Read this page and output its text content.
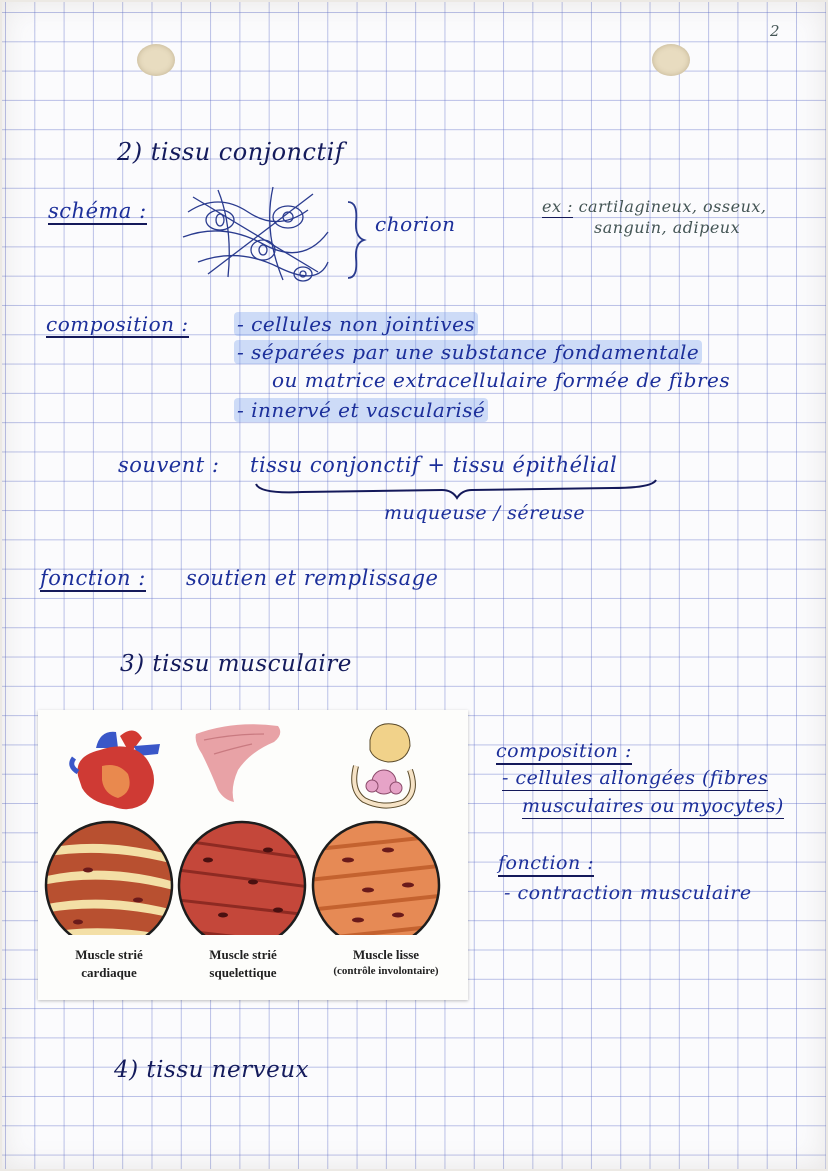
2

2) tissu conjonctif

schéma :

chorion

ex : cartilagineux, osseux,

sanguin, adipeux

composition : - cellules non jointives

- séparées par une substance fondamentale

ou matrice extracellulaire formée de fibres

- innervé et vascularisé

souvent : tissu conjonctif + tissu épithélial

muqueuse / séreuse

fonction : soutien et remplissage

3) tissu musculaire

Muscle strié
cardiaque

Muscle strié
squelettique

Muscle lisse
(contrôle involontaire)

composition :

- cellules allongées (fibres

musculaires ou myocytes)

fonction :

- contraction musculaire

4) tissu nerveux
